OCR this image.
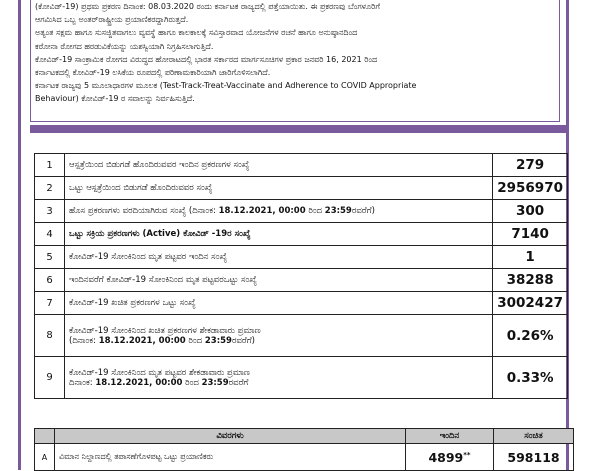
(ಕೋವಿಡ್-19) ಪ್ರಥಮ ಪ್ರಕರಣ ದಿನಾಂಕ: 08.03.2020 ರಂದು ಕರ್ನಾಟಕ ರಾಜ್ಯದಲ್ಲಿ ಪತ್ತೆಯಾಯಿತು. ಈ ಪ್ರಕರಣವು ಬೆಂಗಳೂರಿಗೆ

ಆಗಮಿಸಿದ ಒಬ್ಬ ಅಂತರ್‌ರಾಷ್ಟ್ರೀಯ ಪ್ರಯಾಣಿಕರದ್ದಾಗಿರುತ್ತದೆ.

ಅತ್ಯಂತ ಸಕ್ಷಮ ಹಾಗೂ ಸುಸಜ್ಜಿತವಾಗಲು ವ್ಯವಸ್ಥೆ ಹಾಗೂ ಕಾಲಕಾಲಕ್ಕೆ ಸವಿಸ್ತಾರವಾದ ಯೋಜನೆಗಳ ರಚನೆ ಹಾಗೂ ಅನುಷ್ಠಾನದಿಂದ

ಕರೋನಾ ರೋಗದ ಹರಡುವಿಕೆಯನ್ನು ಯಶಸ್ವಿಯಾಗಿ ನಿಗ್ರಹಿಸಲಾಗುತ್ತಿದೆ.

ಕೋವಿಡ್-19 ಸಾಂಕ್ರಾಮಿಕ ರೋಗದ ವಿರುದ್ಧದ ಹೋರಾಟದಲ್ಲಿ ಭಾರತ ಸರ್ಕಾರದ ಮಾರ್ಗಸೂಚಿಗಳ ಪ್ರಕಾರ ಜನವರಿ 16, 2021 ರಿಂದ

ಕರ್ನಾಟಕದಲ್ಲಿ ಕೋವಿಡ್-19 ಲಸಿಕೆಯ ರೂಪದಲ್ಲಿ ಪರಿಣಾಮಕಾರಿಯಾಗಿ ಜಾರಿಗೊಳಿಸಲಾಗಿದೆ.

ಕರ್ನಾಟಕ ರಾಜ್ಯವು 5 ಮೂಲಾಧಾರಗಳ ಮೂಲಕ (Test-Track-Treat-Vaccinate and Adherence to COVID Appropriate

Behaviour) ಕೋವಿಡ್-19 ರ ಸವಾಲನ್ನು ನಿರ್ವಹಿಸುತ್ತಿದೆ.

1	ಆಸ್ಪತ್ರೆಯಿಂದ ಬಿಡುಗಡೆ ಹೊಂದಿರುವವರ ಇಂದಿನ ಪ್ರಕರಣಗಳ ಸಂಖ್ಯೆ	279
2	ಒಟ್ಟು ಆಸ್ಪತ್ರೆಯಿಂದ ಬಿಡುಗಡೆ ಹೊಂದಿರುವವರ ಸಂಖ್ಯೆ	2956970
3	ಹೊಸ ಪ್ರಕರಣಗಳು ವರದಿಯಾಗಿರುವ ಸಂಖ್ಯೆ (ದಿನಾಂಕ: 18.12.2021, 00:00 ರಿಂದ 23:59ರವರೆಗೆ)	300
4	ಒಟ್ಟು ಸಕ್ರಿಯ ಪ್ರಕರಣಗಳು (Active) ಕೋವಿಡ್ -19ರ ಸಂಖ್ಯೆ	7140
5	ಕೋವಿಡ್-19 ಸೋಂಕಿನಿಂದ ಮೃತ ಪಟ್ಟವರ ಇಂದಿನ ಸಂಖ್ಯೆ	1
6	ಇಂದಿನವರೆಗೆ ಕೋವಿಡ್-19 ಸೋಂಕಿನಿಂದ ಮೃತ ಪಟ್ಟವರಒಟ್ಟು ಸಂಖ್ಯೆ	38288
7	ಕೋವಿಡ್-19 ಖಚಿತ ಪ್ರಕರಣಗಳ ಒಟ್ಟು ಸಂಖ್ಯೆ	3002427
8	ಕೋವಿಡ್-19 ಸೋಂಕಿನಿಂದ ಖಚಿತ ಪ್ರಕರಣಗಳ ಶೇಕಡಾವಾರು ಪ್ರಮಾಣ
(ದಿನಾಂಕ: 18.12.2021, 00:00 ರಿಂದ 23:59ರವರೆಗೆ)	0.26%
9	ಕೋವಿಡ್-19 ಸೋಂಕಿನಿಂದ ಮೃತ ಪಟ್ಟವರ ಶೇಕಡಾವಾರು ಪ್ರಮಾಣ
ದಿನಾಂಕ: 18.12.2021, 00:00 ರಿಂದ 23:59ರವರೆಗೆ	0.33%
	ವಿವರಗಳು	ಇಂದಿನ	ಸಂಚಿತ
A	ವಿಮಾನ ನಿಲ್ದಾಣದಲ್ಲಿ ತಪಾಸಣೆಗೊಳಪಟ್ಟ ಒಟ್ಟು ಪ್ರಯಾಣಿಕರು	4899**	598118
